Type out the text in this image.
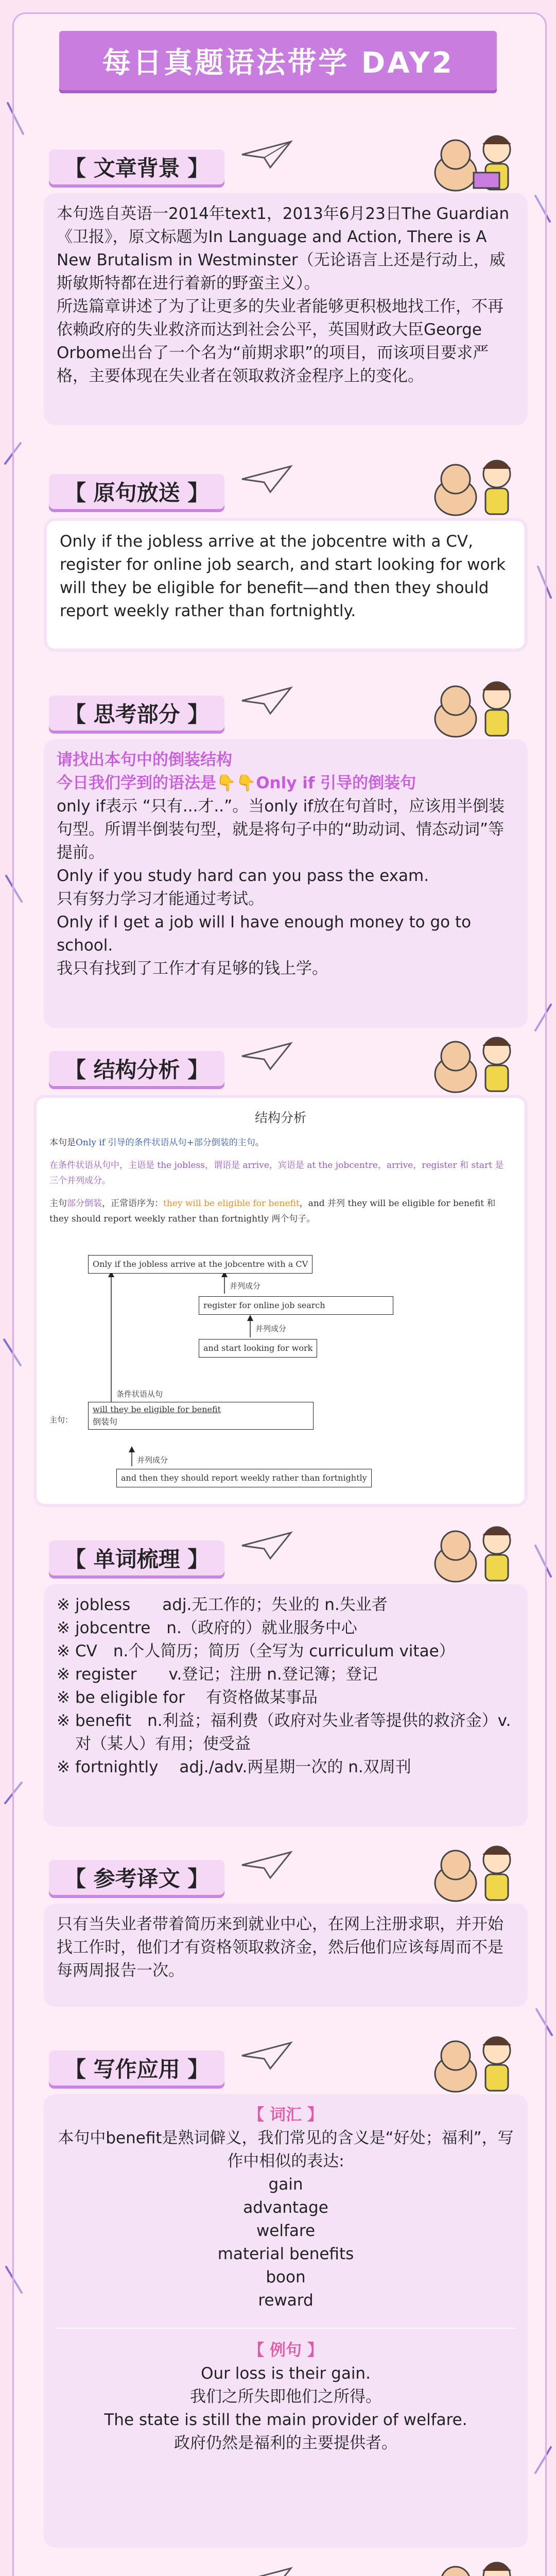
每日真题语法带学 DAY2
【 文章背景 】

本句选自英语一2014年text1，2013年6月23日The Guardian《卫报》，原文标题为In Language and Action, There is A New Brutalism in Westminster（无论语言上还是行动上，威斯敏斯特都在进行着新的野蛮主义）。

所选篇章讲述了为了让更多的失业者能够更积极地找工作，不再依赖政府的失业救济而达到社会公平，英国财政大臣George Orbome出台了一个名为“前期求职”的项目，而该项目要求严格，主要体现在失业者在领取救济金程序上的变化。

【 原句放送 】

Only if the jobless arrive at the jobcentre with a CV, register for online job search, and start looking for work will they be eligible for benefit—and then they should report weekly rather than fortnightly.

【 思考部分 】

请找出本句中的倒装结构

今日我们学到的语法是👇👇Only if 引导的倒装句

only if表示 “只有...才..”。当only if放在句首时，应该用半倒装句型。所谓半倒装句型，就是将句子中的“助动词、情态动词”等提前。

Only if you study hard can you pass the exam.

只有努力学习才能通过考试。

Only if I get a job will I have enough money to go to school.

我只有找到了工作才有足够的钱上学。

【 结构分析 】
结构分析
本句是Only if 引导的条件状语从句+部分倒装的主句。
在条件状语从句中，主语是 the jobless，谓语是 arrive，宾语是 at the jobcentre，arrive，register 和 start 是三个并列成分。
主句部分倒装，正常语序为：they will be eligible for benefit，and 并列 they will be eligible for benefit 和 they should report weekly rather than fortnightly 两个句子。
Only if the jobless arrive at the jobcentre with a CV
并列成分
register for online job search
并列成分
and start looking for work
条件状语从句
主句：
will they be eligible for benefit
倒装句
并列成分
and then they should report weekly rather than fortnightly
【 单词梳理 】

※ jobless　　adj.无工作的；失业的 n.失业者

※ jobcentre　n.（政府的）就业服务中心

※ CV　n.个人简历；简历（全写为 curriculum vitae）

※ register　　v.登记；注册 n.登记簿；登记

※ be eligible for　 有资格做某事品

※ benefit　n.利益；福利费（政府对失业者等提供的救济金）v.对（某人）有用；使受益

※ fortnightly　 adj./adv.两星期一次的 n.双周刊

【 参考译文 】

只有当失业者带着简历来到就业中心，在网上注册求职，并开始找工作时，他们才有资格领取救济金，然后他们应该每周而不是每两周报告一次。

【 写作应用 】

【 词汇 】

本句中benefit是熟词僻义，我们常见的含义是“好处；福利”，写作中相似的表达:

gain

advantage

welfare

material benefits

boon

reward

【 例句 】

Our loss is their gain.

我们之所失即他们之所得。

The state is still the main provider of welfare.

政府仍然是福利的主要提供者。
